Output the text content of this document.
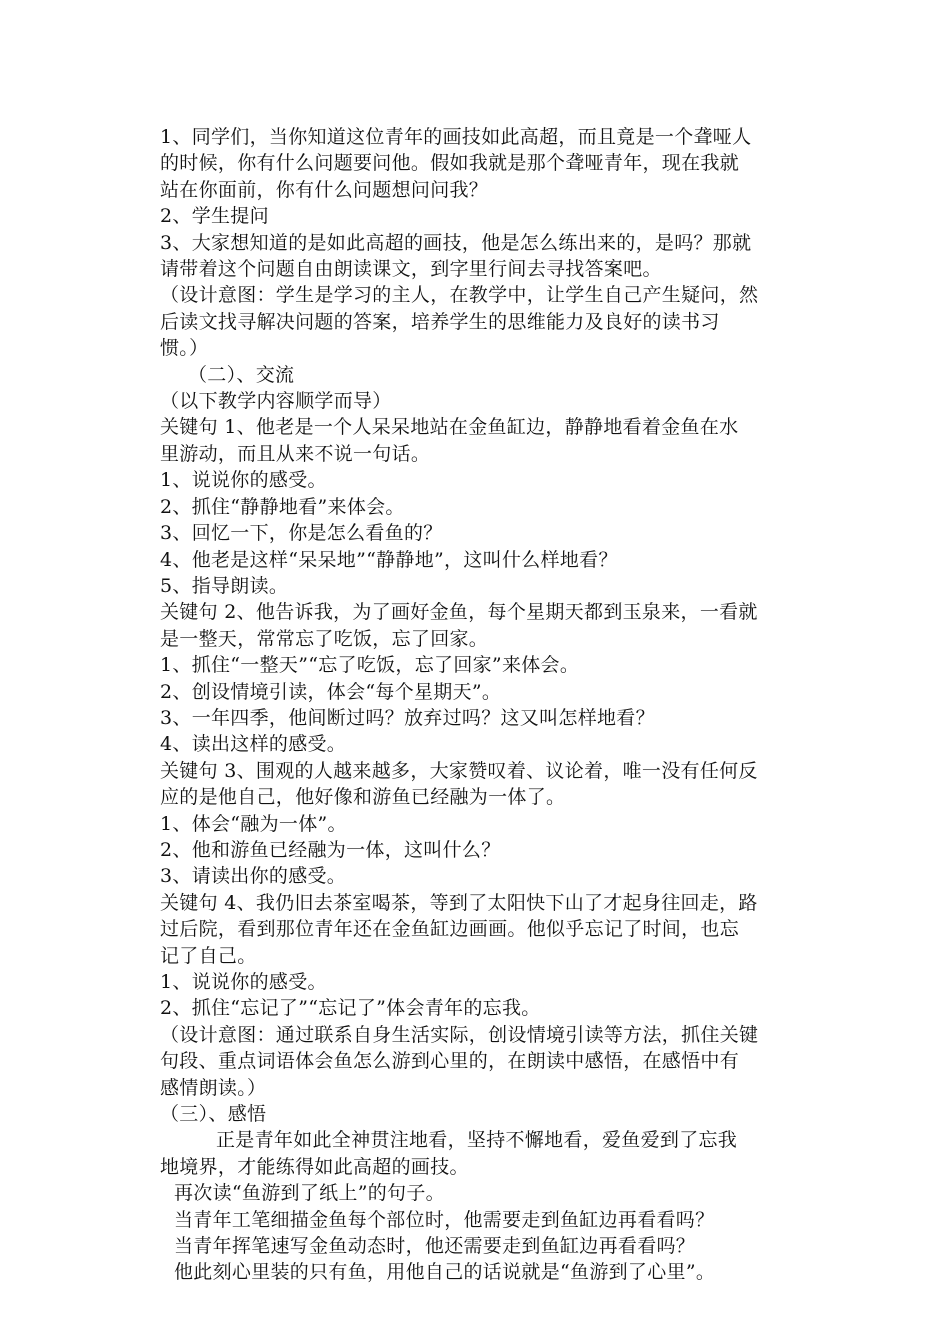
1、同学们，当你知道这位青年的画技如此高超，而且竟是一个聋哑人
的时候，你有什么问题要问他。假如我就是那个聋哑青年，现在我就
站在你面前，你有什么问题想问问我？
2、学生提问
3、大家想知道的是如此高超的画技，他是怎么练出来的，是吗？那就
请带着这个问题自由朗读课文，到字里行间去寻找答案吧。
（设计意图：学生是学习的主人，在教学中，让学生自己产生疑问，然
后读文找寻解决问题的答案，培养学生的思维能力及良好的读书习
惯。）
（二）、交流
（以下教学内容顺学而导）
关键句 1、他老是一个人呆呆地站在金鱼缸边，静静地看着金鱼在水
里游动，而且从来不说一句话。
1、说说你的感受。
2、抓住“静静地看”来体会。
3、回忆一下，你是怎么看鱼的？
4、他老是这样“呆呆地”“静静地”，这叫什么样地看？
5、指导朗读。
关键句 2、他告诉我，为了画好金鱼，每个星期天都到玉泉来，一看就
是一整天，常常忘了吃饭，忘了回家。
1、抓住“一整天”“忘了吃饭，忘了回家”来体会。
2、创设情境引读，体会“每个星期天”。
3、一年四季，他间断过吗？放弃过吗？这又叫怎样地看？
4、读出这样的感受。
关键句 3、围观的人越来越多，大家赞叹着、议论着，唯一没有任何反
应的是他自己，他好像和游鱼已经融为一体了。
1、体会“融为一体”。
2、他和游鱼已经融为一体，这叫什么？
3、请读出你的感受。
关键句 4、我仍旧去茶室喝茶，等到了太阳快下山了才起身往回走，路
过后院，看到那位青年还在金鱼缸边画画。他似乎忘记了时间，也忘
记了自己。
1、说说你的感受。
2、抓住“忘记了”“忘记了”体会青年的忘我。
（设计意图：通过联系自身生活实际，创设情境引读等方法，抓住关键
句段、重点词语体会鱼怎么游到心里的，在朗读中感悟，在感悟中有
感情朗读。）
（三）、感悟
正是青年如此全神贯注地看，坚持不懈地看，爱鱼爱到了忘我
地境界，才能练得如此高超的画技。
再次读“鱼游到了纸上”的句子。
当青年工笔细描金鱼每个部位时，他需要走到鱼缸边再看看吗？
当青年挥笔速写金鱼动态时，他还需要走到鱼缸边再看看吗？
他此刻心里装的只有鱼，用他自己的话说就是“鱼游到了心里”。
